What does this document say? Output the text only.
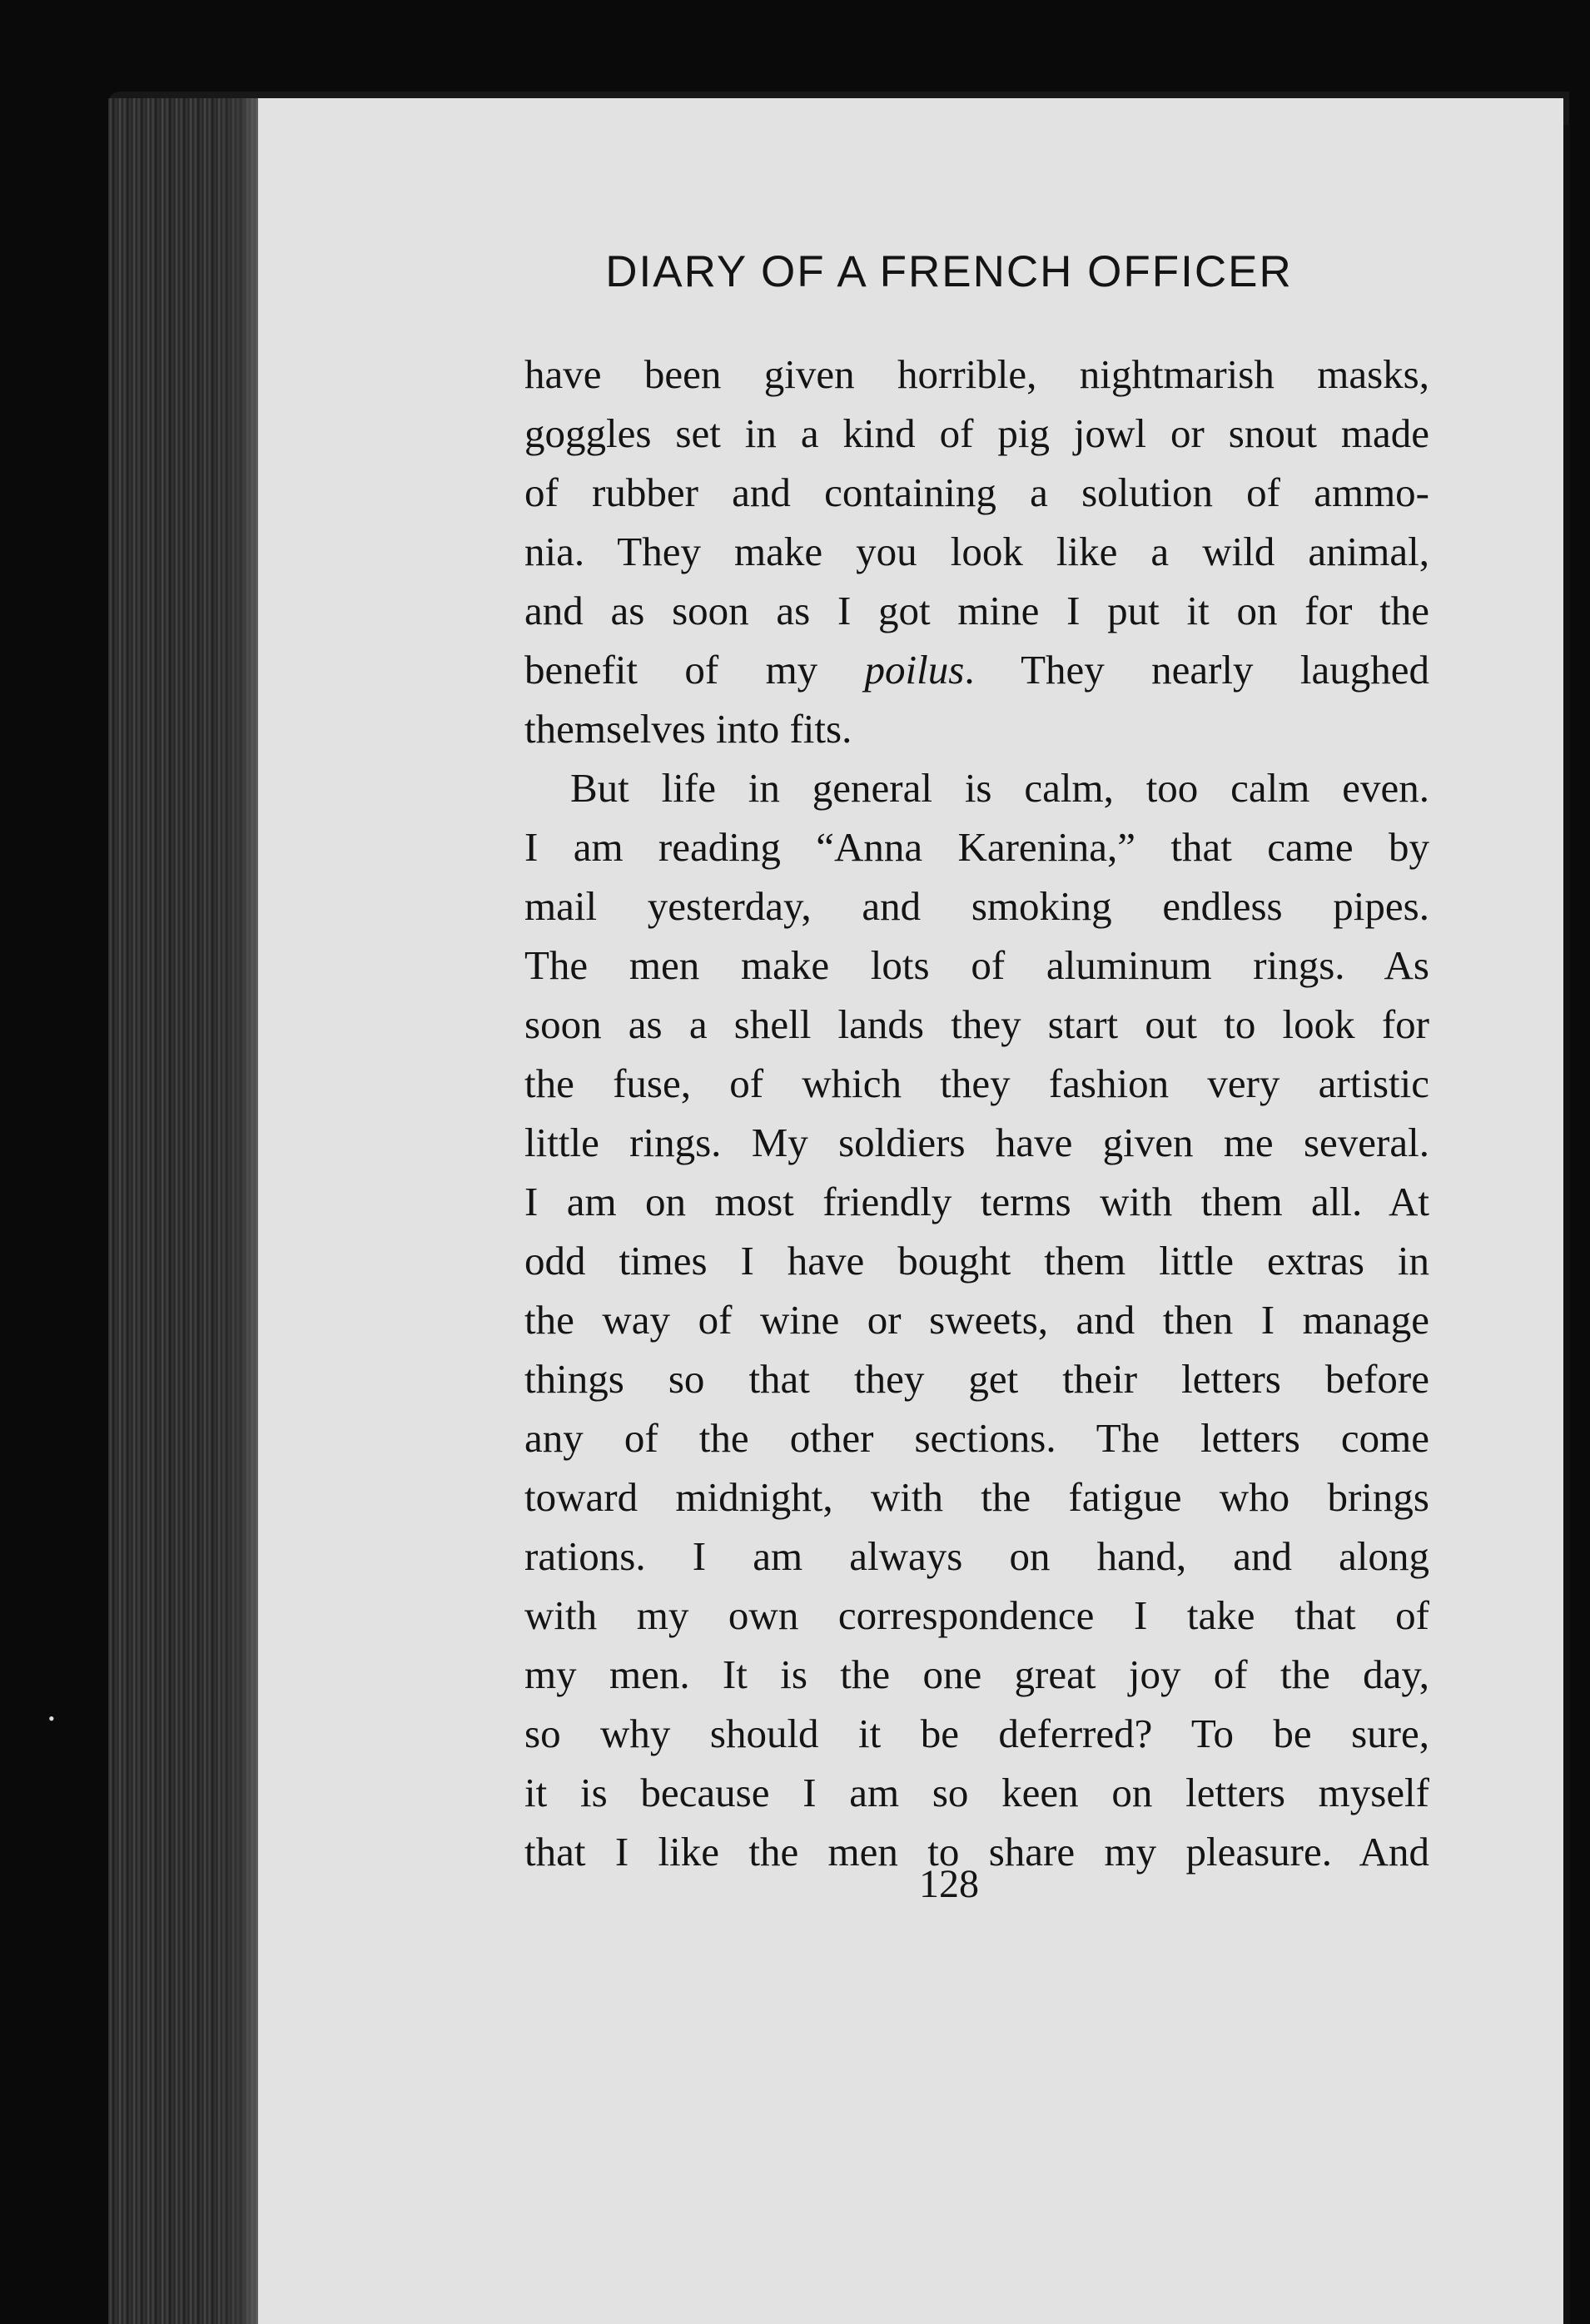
•
DIARY OF A FRENCH OFFICER
have been given horrible, nightmarish masks,
goggles set in a kind of pig jowl or snout made
of rubber and containing a solution of ammo-
nia. They make you look like a wild animal,
and as soon as I got mine I put it on for the
benefit of my poilus. They nearly laughed
themselves into fits.
But life in general is calm, too calm even.
I am reading “Anna Karenina,” that came by
mail yesterday, and smoking endless pipes.
The men make lots of aluminum rings. As
soon as a shell lands they start out to look for
the fuse, of which they fashion very artistic
little rings. My soldiers have given me several.
I am on most friendly terms with them all. At
odd times I have bought them little extras in
the way of wine or sweets, and then I manage
things so that they get their letters before
any of the other sections. The letters come
toward midnight, with the fatigue who brings
rations. I am always on hand, and along
with my own correspondence I take that of
my men. It is the one great joy of the day,
so why should it be deferred? To be sure,
it is because I am so keen on letters myself
that I like the men to share my pleasure. And

128
